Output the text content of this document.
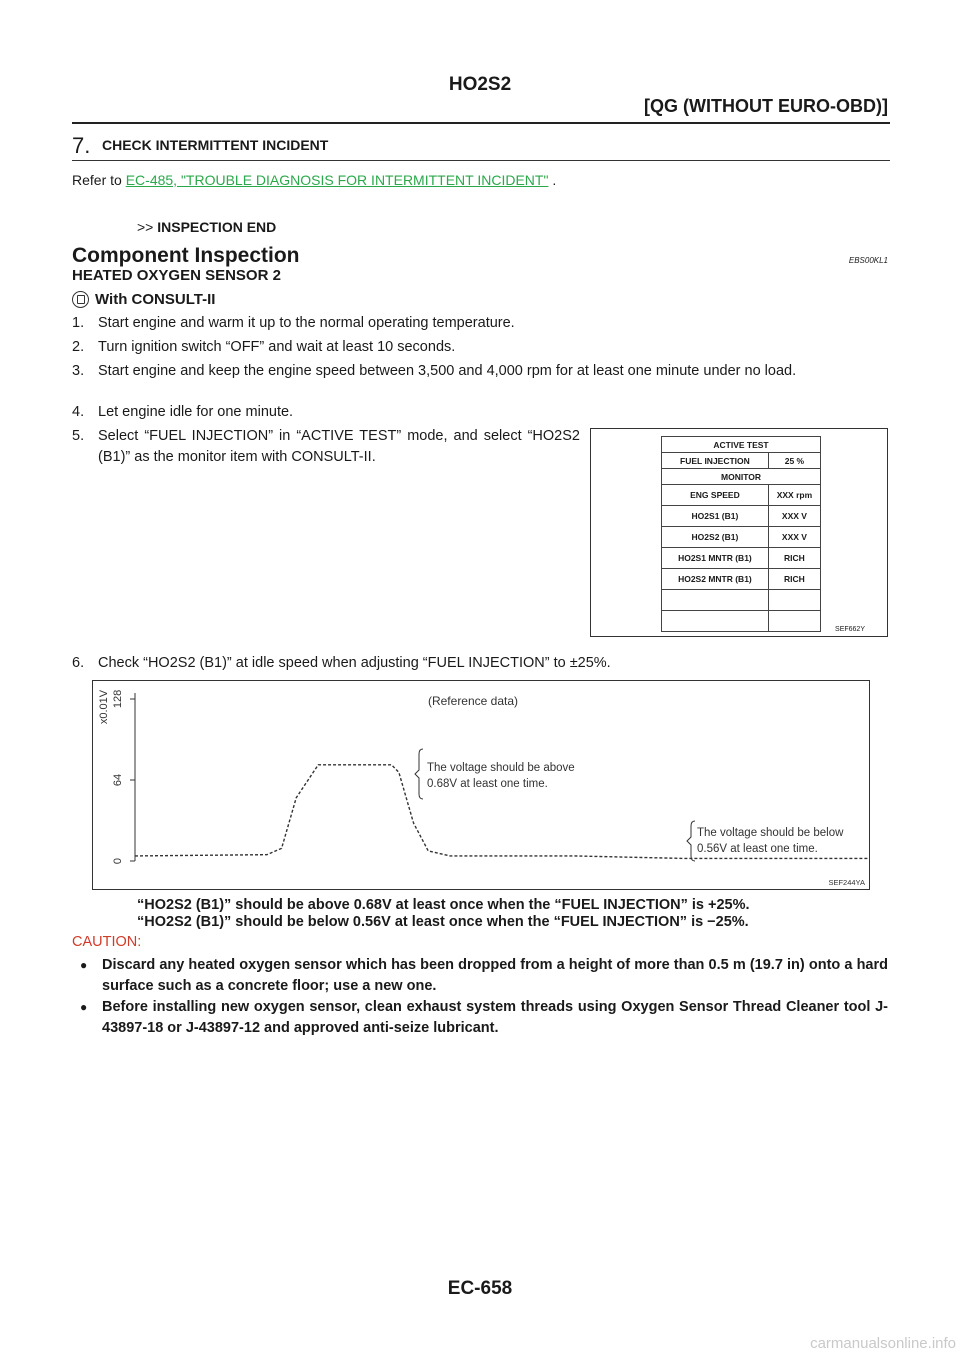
HO2S2
[QG (WITHOUT EURO-OBD)]
7. CHECK INTERMITTENT INCIDENT
Refer to EC-485, "TROUBLE DIAGNOSIS FOR INTERMITTENT INCIDENT" .
>> INSPECTION END
Component Inspection	EBS00KL1
HEATED OXYGEN SENSOR 2
With CONSULT-II
1. Start engine and warm it up to the normal operating temperature.
2. Turn ignition switch “OFF” and wait at least 10 seconds.
3. Start engine and keep the engine speed between 3,500 and 4,000 rpm for at least one minute under no load.
4. Let engine idle for one minute.
5. Select “FUEL INJECTION” in “ACTIVE TEST” mode, and select “HO2S2 (B1)” as the monitor item with CONSULT-II.
ACTIVE TEST	
FUEL INJECTION	25 %
MONITOR	
ENG SPEED	XXX rpm
HO2S1 (B1)	XXX V
HO2S2 (B1)	XXX V
HO2S1 MNTR (B1)	RICH
HO2S2 MNTR (B1)	RICH

SEF662Y
6. Check “HO2S2 (B1)” at idle speed when adjusting “FUEL INJECTION” to ±25%.
0
64
128
x0.01V	(Reference data)
The voltage should be above
0.68V at least one time.
The voltage should be below
0.56V at least one time.
SEF244YA
“HO2S2 (B1)” should be above 0.68V at least once when the “FUEL INJECTION” is +25%.
“HO2S2 (B1)” should be below 0.56V at least once when the “FUEL INJECTION” is −25%.
CAUTION:
● Discard any heated oxygen sensor which has been dropped from a height of more than 0.5 m (19.7 in) onto a hard surface such as a concrete floor; use a new one.
● Before installing new oxygen sensor, clean exhaust system threads using Oxygen Sensor Thread Cleaner tool J-43897-18 or J-43897-12 and approved anti-seize lubricant.
EC-658
carmanualsonline.info
